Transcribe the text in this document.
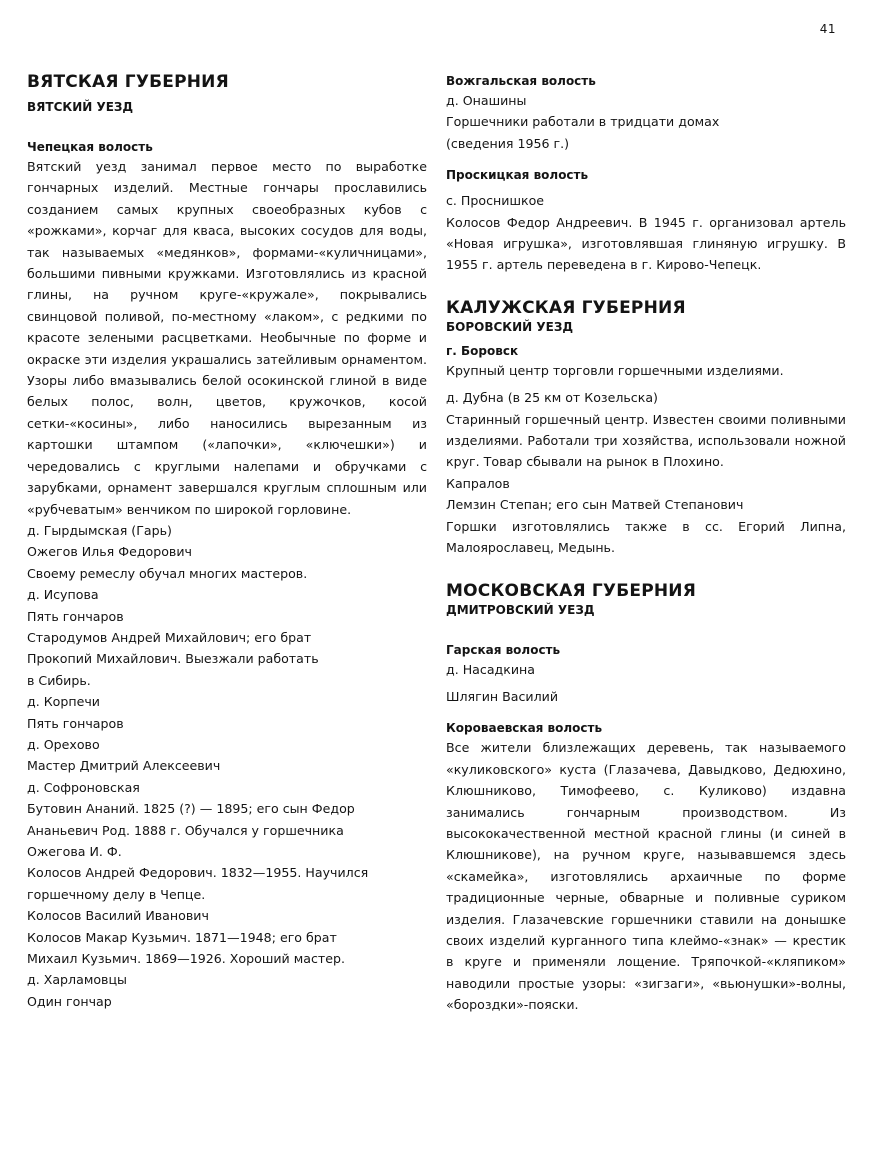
41

ВЯТСКАЯ ГУБЕРНИЯ

ВЯТСКИЙ УЕЗД

Чепецкая волость

Вятский уезд занимал первое место по выработке гончарных изделий. Местные гончары прославились созданием самых крупных своеобразных кубов с «рожками», корчаг для кваса, высоких сосудов для воды, так называемых «медянков», формами-«куличницами», большими пивными кружками. Изготовлялись из красной глины, на ручном круге-«кружале», покрывались свинцовой поливой, по-местному «лаком», с редкими по красоте зелеными расцветками. Необычные по форме и окраске эти изделия украшались затейливым орнаментом. Узоры либо вмазывались белой осокинской глиной в виде белых полос, волн, цветов, кружочков, косой сетки-«косины», либо наносились вырезанным из картошки штампом («лапочки», «ключешки») и чередовались с круглыми налепами и обручками с зарубками, орнамент завершался круглым сплошным или «рубчеватым» венчиком по широкой горловине.

д. Гырдымская (Гарь)

Ожегов Илья Федорович

Своему ремеслу обучал многих мастеров.

д. Исупова

Пять гончаров

Стародумов Андрей Михайлович; его брат

Прокопий Михайлович. Выезжали работать

в Сибирь.

д. Корпечи

Пять гончаров

д. Орехово

Мастер Дмитрий Алексеевич

д. Софроновская

Бутовин Ананий. 1825 (?) — 1895; его сын Федор

Ананьевич Род. 1888 г. Обучался у горшечника

Ожегова И. Ф.

Колосов Андрей Федорович. 1832—1955. Научился

горшечному делу в Чепце.

Колосов Василий Иванович

Колосов Макар Кузьмич. 1871—1948; его брат

Михаил Кузьмич. 1869—1926. Хороший мастер.

д. Харламовцы

Один гончар

Вожгальская волость

д. Онашины

Горшечники работали в тридцати домах

(сведения 1956 г.)

Проскицкая волость

с. Проснишкое

Колосов Федор Андреевич. В 1945 г. организовал артель «Новая игрушка», изготовлявшая глиняную игрушку. В 1955 г. артель переведена в г. Кирово-Чепецк.

КАЛУЖСКАЯ ГУБЕРНИЯ

БОРОВСКИЙ УЕЗД

г. Боровск

Крупный центр торговли горшечными изделиями.

д. Дубна (в 25 км от Козельска)

Старинный горшечный центр. Известен своими поливными изделиями. Работали три хозяйства, использовали ножной круг. Товар сбывали на рынок в Плохино.

Капралов

Лемзин Степан; его сын Матвей Степанович

Горшки изготовлялись также в сс. Егорий Липна, Малоярославец, Медынь.

МОСКОВСКАЯ ГУБЕРНИЯ

ДМИТРОВСКИЙ УЕЗД

Гарская волость

д. Насадкина

Шлягин Василий

Короваевская волость

Все жители близлежащих деревень, так называемого «куликовского» куста (Глазачева, Давыдково, Дедюхино, Клюшниково, Тимофеево, с. Куликово) издавна занимались гончарным производством. Из высококачественной местной красной глины (и синей в Клюшникове), на ручном круге, называвшемся здесь «скамейка», изготовлялись архаичные по форме традиционные черные, обварные и поливные суриком изделия. Глазачевские горшечники ставили на донышке своих изделий курганного типа клеймо-«знак» — крестик в круге и применяли лощение. Тряпочкой-«кляпиком» наводили простые узоры: «зигзаги», «вьюнушки»-волны, «бороздки»-пояски.
